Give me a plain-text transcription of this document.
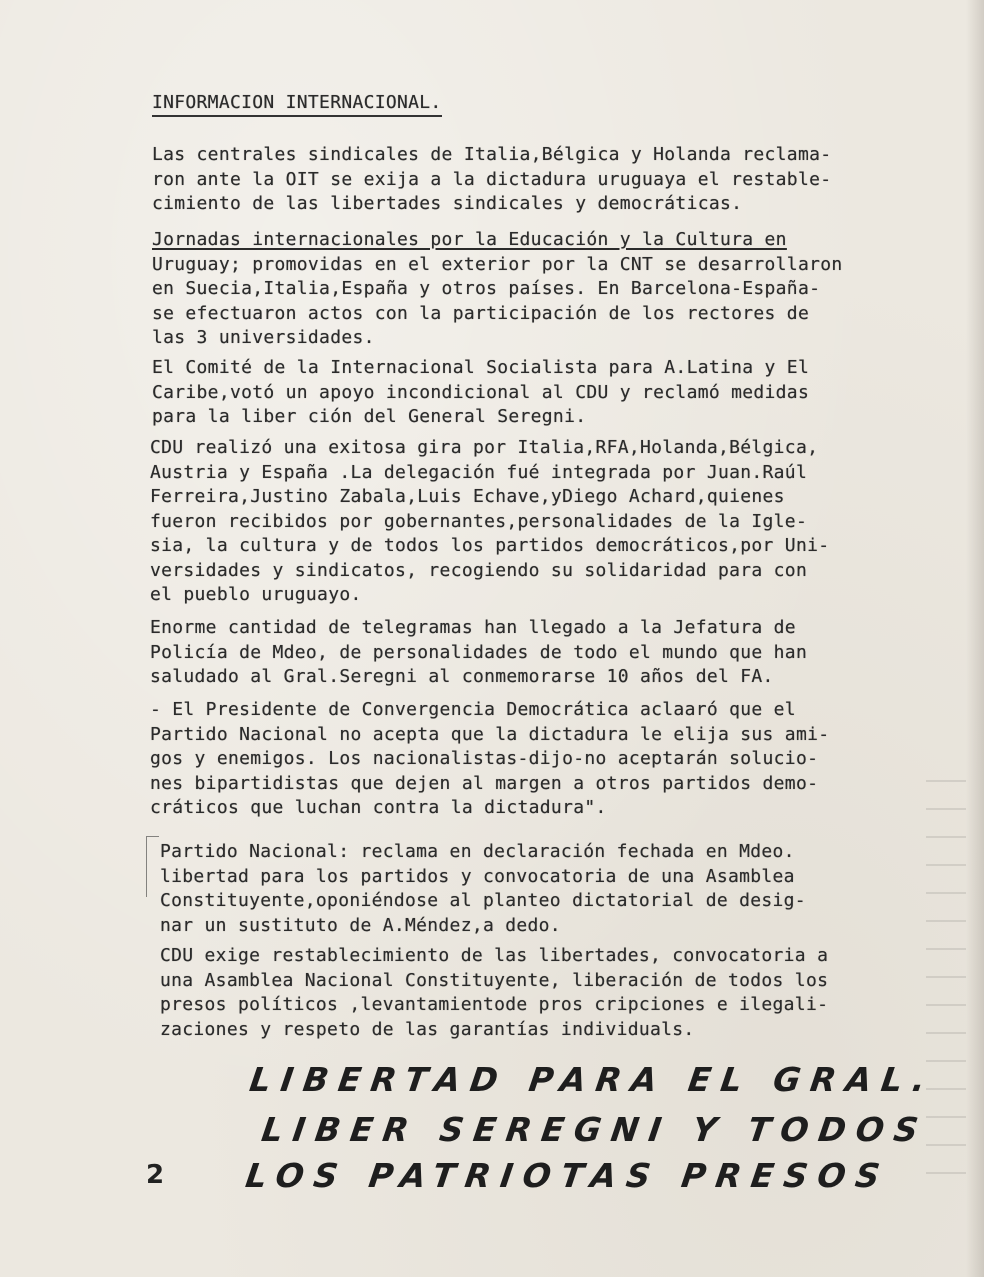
INFORMACION INTERNACIONAL.
Las centrales sindicales de Italia,Bélgica y Holanda reclama-
ron ante la OIT se exija a la dictadura uruguaya el restable-
cimiento de las libertades sindicales y democráticas.
Jornadas internacionales por la Educación y la Cultura en
Uruguay; promovidas en el exterior por la CNT se desarrollaron
en Suecia,Italia,España y otros países. En Barcelona-España-
se efectuaron actos con la participación de los rectores de
las 3 universidades.
El Comité de la Internacional Socialista para A.Latina y El
Caribe,votó un apoyo incondicional al CDU y reclamó medidas
para la liber ción del General Seregni.
CDU realizó una exitosa gira por Italia,RFA,Holanda,Bélgica,
Austria y España .La delegación fué integrada por Juan.Raúl
Ferreira,Justino Zabala,Luis Echave,yDiego Achard,quienes
fueron recibidos por gobernantes,personalidades de la Igle-
sia, la cultura y de todos los partidos democráticos,por Uni-
versidades y sindicatos, recogiendo su solidaridad para con
el pueblo uruguayo.
Enorme cantidad de telegramas han llegado a la Jefatura de
Policía de Mdeo, de personalidades de todo el mundo que han
saludado al Gral.Seregni al conmemorarse 10 años del FA.
- El Presidente de Convergencia Democrática aclaaró que el
Partido Nacional no acepta que la dictadura le elija sus ami-
gos y enemigos. Los nacionalistas-dijo-no aceptarán solucio-
nes bipartidistas que dejen al margen a otros partidos demo-
cráticos que luchan contra la dictadura".
Partido Nacional: reclama en declaración fechada en Mdeo.
libertad para los partidos y convocatoria de una Asamblea
Constituyente,oponiéndose al planteo dictatorial de desig-
nar un sustituto de A.Méndez,a dedo.
CDU exige restablecimiento de las libertades, convocatoria a
una Asamblea Nacional Constituyente, liberación de todos los
presos políticos ,levantamientode pros cripciones e ilegali-
zaciones y respeto de las garantías individuals.
LIBERTAD PARA EL GRAL.
LIBER SEREGNI Y TODOS
LOS PATRIOTAS PRESOS
2
